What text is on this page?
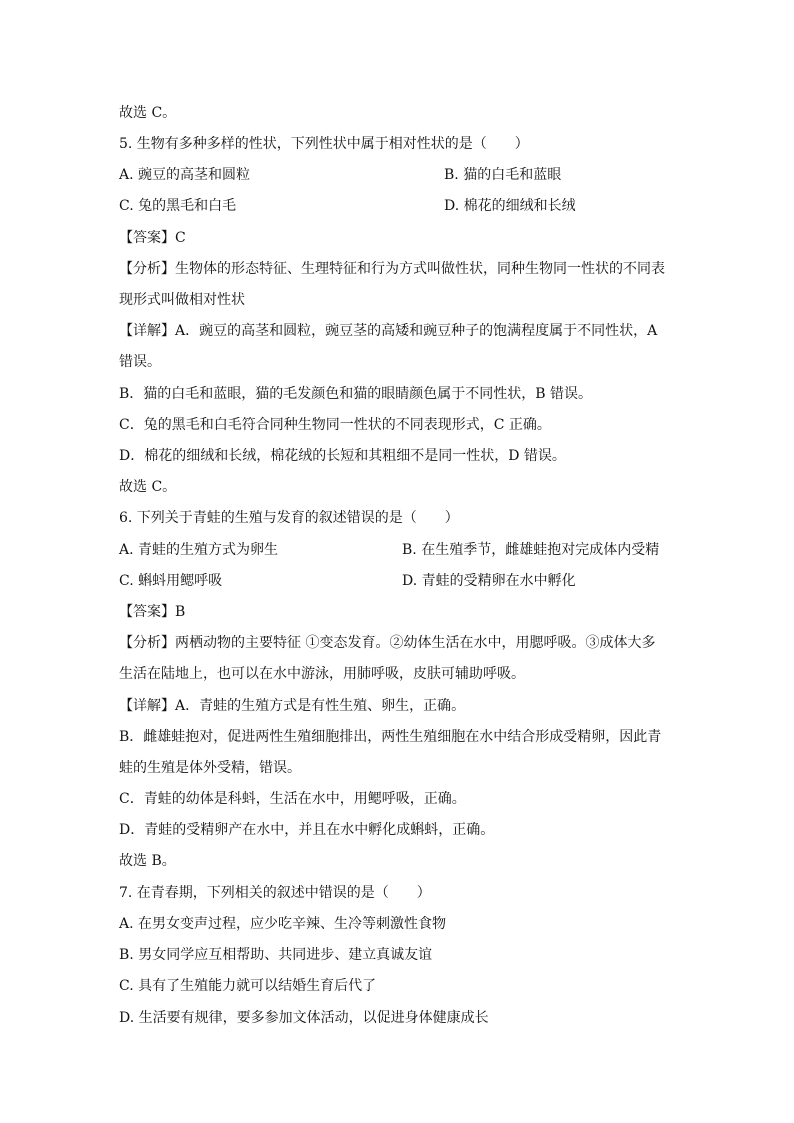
故选 C。
5. 生物有多种多样的性状，下列性状中属于相对性状的是（　　）
A. 豌豆的高茎和圆粒	B. 猫的白毛和蓝眼
C. 兔的黑毛和白毛	D. 棉花的细绒和长绒
【答案】C
【分析】生物体的形态特征、生理特征和行为方式叫做性状，同种生物同一性状的不同表
现形式叫做相对性状
【详解】A．豌豆的高茎和圆粒，豌豆茎的高矮和豌豆种子的饱满程度属于不同性状，A
错误。
B．猫的白毛和蓝眼，猫的毛发颜色和猫的眼睛颜色属于不同性状，B 错误。
C．兔的黑毛和白毛符合同种生物同一性状的不同表现形式，C 正确。
D．棉花的细绒和长绒，棉花绒的长短和其粗细不是同一性状，D 错误。
故选 C。
6. 下列关于青蛙的生殖与发育的叙述错误的是（　　）
A. 青蛙的生殖方式为卵生	B. 在生殖季节，雌雄蛙抱对完成体内受精
C. 蝌蚪用鳃呼吸	D. 青蛙的受精卵在水中孵化
【答案】B
【分析】两栖动物的主要特征 ①变态发育。②幼体生活在水中，用腮呼吸。③成体大多
生活在陆地上，也可以在水中游泳，用肺呼吸，皮肤可辅助呼吸。
【详解】A．青蛙的生殖方式是有性生殖、卵生，正确。
B．雌雄蛙抱对，促进两性生殖细胞排出，两性生殖细胞在水中结合形成受精卵，因此青
蛙的生殖是体外受精，错误。
C．青蛙的幼体是科蚪，生活在水中，用鳃呼吸，正确。
D．青蛙的受精卵产在水中，并且在水中孵化成蝌蚪，正确。
故选 B。
7. 在青春期，下列相关的叙述中错误的是（　　）
A. 在男女变声过程，应少吃辛辣、生冷等刺激性食物
B. 男女同学应互相帮助、共同进步、建立真诚友谊
C. 具有了生殖能力就可以结婚生育后代了
D. 生活要有规律，要多参加文体活动，以促进身体健康成长
